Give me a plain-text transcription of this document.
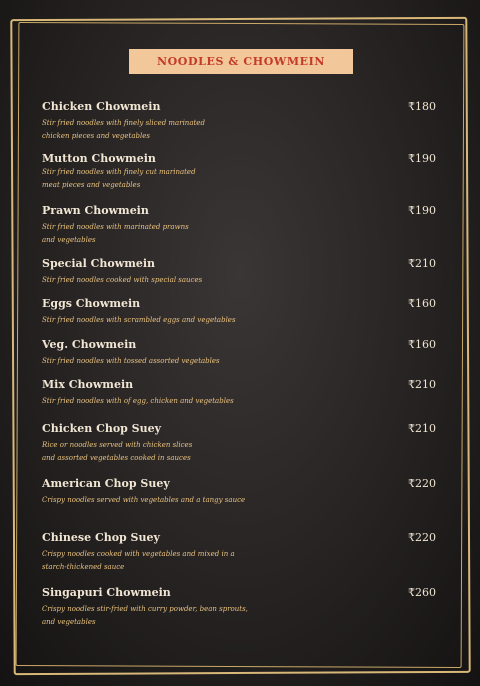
NOODLES & CHOWMEIN
Chicken Chowmein	₹180
Stir fried noodles with finely sliced marinated
chicken pieces and vegetables
Mutton Chowmein	₹190
Stir fried noodles with finely cut marinated
meat pieces and vegetables
Prawn Chowmein	₹190
Stir fried noodles with marinated prawns
and vegetables
Special Chowmein	₹210
Stir fried noodles cooked with special sauces
Eggs Chowmein	₹160
Stir fried noodles with scrambled eggs and vegetables
Veg. Chowmein	₹160
Stir fried noodles with tossed assorted vegetables
Mix Chowmein	₹210
Stir fried noodles with of egg, chicken and vegetables
Chicken Chop Suey	₹210
Rice or noodles served with chicken slices
and assorted vegetables cooked in sauces
American Chop Suey	₹220
Crispy noodles served with vegetables and a tangy sauce
Chinese Chop Suey	₹220
Crispy noodles cooked with vegetables and mixed in a
starch-thickened sauce
Singapuri Chowmein	₹260
Crispy noodles stir-fried with curry powder, bean sprouts,
and vegetables
